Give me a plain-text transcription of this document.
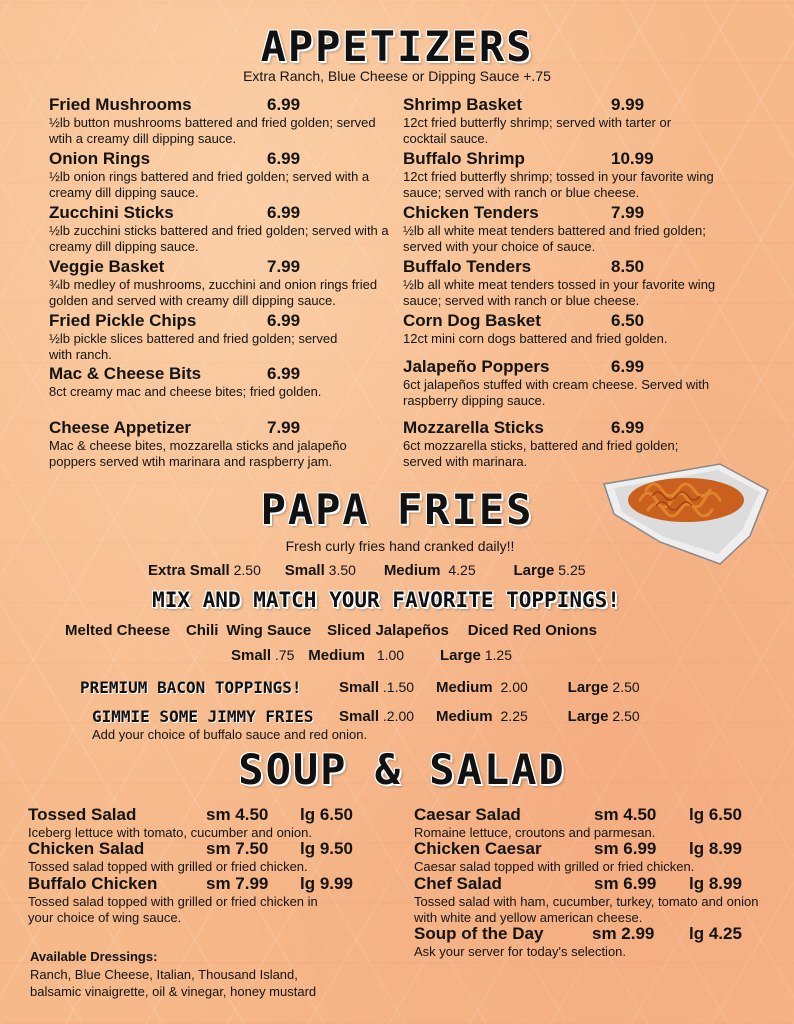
APPETIZERS
Extra Ranch, Blue Cheese or Dipping Sauce +.75
Fried Mushrooms	6.99
½lb button mushrooms battered and fried golden; served wtih a creamy dill dipping sauce.
Onion Rings	6.99
½lb onion rings battered and fried golden; served with a creamy dill dipping sauce.
Zucchini Sticks	6.99
½lb zucchini sticks battered and fried golden; served with a creamy dill dipping sauce.
Veggie Basket	7.99
¾lb medley of mushrooms, zucchini and onion rings fried golden and served with creamy dill dipping sauce.
Fried Pickle Chips	6.99
½lb pickle slices battered and fried golden; served with ranch.
Mac & Cheese Bits	6.99
8ct creamy mac and cheese bites; fried golden.
Cheese Appetizer	7.99
Mac & cheese bites, mozzarella sticks and jalapeño poppers served wtih marinara and raspberry jam.
Shrimp Basket	9.99
12ct fried butterfly shrimp; served with tarter or cocktail sauce.
Buffalo Shrimp	10.99
12ct fried butterfly shrimp; tossed in your favorite wing sauce; served with ranch or blue cheese.
Chicken Tenders	7.99
½lb all white meat tenders battered and fried golden; served with your choice of sauce.
Buffalo Tenders	8.50
½lb all white meat tenders tossed in your favorite wing sauce; served with ranch or blue cheese.
Corn Dog Basket	6.50
12ct mini corn dogs battered and fried golden.
Jalapeño Poppers	6.99
6ct jalapeños stuffed with cream cheese. Served with raspberry dipping sauce.
Mozzarella Sticks	6.99
6ct mozzarella sticks, battered and fried golden; served with marinara.
PAPA FRIES
Fresh curly fries hand cranked daily!!
Extra Small 2.50 Small 3.50 Medium 4.25	Large 5.25
MIX AND MATCH YOUR FAVORITE TOPPINGS!
Melted Cheese Chili Wing Sauce Sliced Jalapeños Diced Red Onions
Small .75 Medium 1.00 Large 1.25
PREMIUM BACON TOPPINGS! Small .1.50 Medium 2.00	Large 2.50
GIMMIE SOME JIMMY FRIES Small .2.00 Medium 2.25	Large 2.50
Add your choice of buffalo sauce and red onion.
SOUP & SALAD
Tossed Salad	sm 4.50 lg 6.50
Iceberg lettuce with tomato, cucumber and onion.
Chicken Salad	sm 7.50 lg 9.50
Tossed salad topped with grilled or fried chicken.
Buffalo Chicken	sm 7.99 lg 9.99
Tossed salad topped with grilled or fried chicken in your choice of wing sauce.
Caesar Salad	sm 4.50 lg 6.50
Romaine lettuce, croutons and parmesan.
Chicken Caesar	sm 6.99 lg 8.99
Caesar salad topped with grilled or fried chicken.
Chef Salad	sm 6.99 lg 8.99
Tossed salad with ham, cucumber, turkey, tomato and onion with white and yellow american cheese.
Soup of the Day	sm 2.99 lg 4.25
Ask your server for today's selection.
Available Dressings:
Ranch, Blue Cheese, Italian, Thousand Island, balsamic vinaigrette, oil & vinegar, honey mustard
